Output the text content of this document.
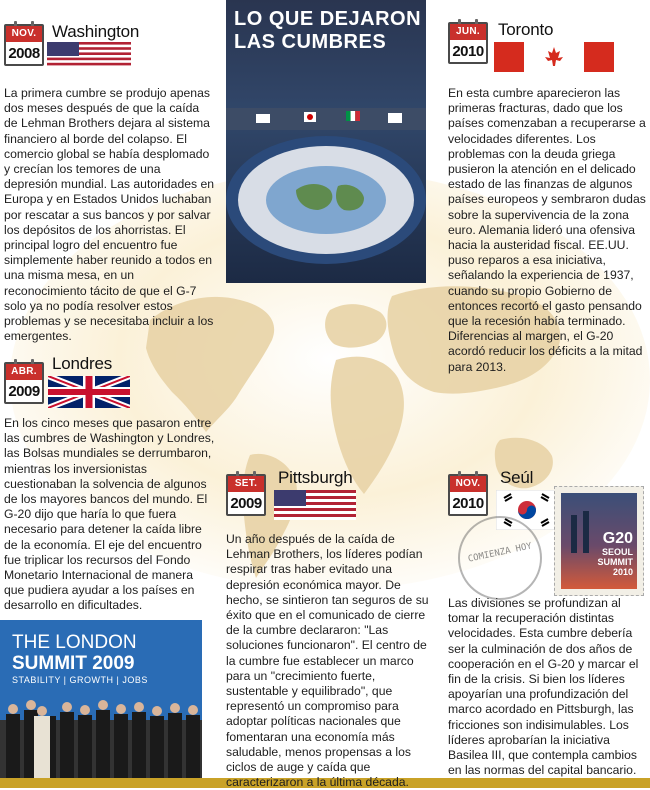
NOV.
2008
Washington
La primera cumbre se produjo apenas dos meses después de que la caída de Lehman Brothers dejara al sistema financiero al borde del colapso. El comercio global se había desplomado y crecían los temores de una depresión mundial. Las autoridades en Europa y en Estados Unidos luchaban por rescatar a sus bancos y por salvar los depósitos de los ahorristas. El principal logro del encuentro fue simplemente haber reunido a todos en una misma mesa, en un reconocimiento tácito de que el G-7 solo ya no podía resolver estos problemas y se necesitaba incluir a los emergentes.
LO QUE DEJARON
LAS CUMBRES	JUN.
2010
Toronto
En esta cumbre aparecieron las primeras fracturas, dado que los países comenzaban a recuperarse a velocidades diferentes. Los problemas con la deuda griega pusieron la atención en el delicado estado de las finanzas de algunos países europeos y sembraron dudas sobre la supervivencia de la zona euro. Alemania lideró una ofensiva hacia la austeridad fiscal. EE.UU. puso reparos a esa iniciativa, señalando la experiencia de 1937, cuando su propio Gobierno de entonces recortó el gasto pensando que la recesión había terminado. Diferencias al margen, el G-20 acordó reducir los déficits a la mitad para 2013.
ABR.
2009
Londres
En los cinco meses que pasaron entre las cumbres de Washington y Londres, las Bolsas mundiales se derrumbaron, mientras los inversionistas cuestionaban la solvencia de algunos de los mayores bancos del mundo. El G-20 dijo que haría lo que fuera necesario para detener la caída libre de la economía. El eje del encuentro fue triplicar los recursos del Fondo Monetario Internacional de manera que pudiera ayudar a los países en desarrollo en dificultades.
THE LONDON
SUMMIT 2009
STABILITY | GROWTH | JOBS
SET.
2009
Pittsburgh
Un año después de la caída de Lehman Brothers, los líderes podían respirar tras haber evitado una depresión económica mayor. De hecho, se sintieron tan seguros de su éxito que en el comunicado de cierre de la cumbre declararon: "Las soluciones funcionaron". El centro de la cumbre fue establecer un marco para un "crecimiento fuerte, sustentable y equilibrado", que representó un compromiso para adoptar políticas nacionales que fomentaran una economía más saludable, menos propensas a los ciclos de auge y caída que caracterizaron a la última década.
NOV.
2010
Seúl
G20
SEOUL
SUMMIT
2010
COMIENZA HOY
Las divisiones se profundizan al tomar la recuperación distintas velocidades. Esta cumbre debería ser la culminación de dos años de cooperación en el G-20 y marcar el fin de la crisis. Si bien los líderes apoyarían una profundización del marco acordado en Pittsburgh, las fricciones son indisimulables. Los líderes aprobarían la iniciativa Basilea III, que contempla cambios en las normas del capital bancario.
